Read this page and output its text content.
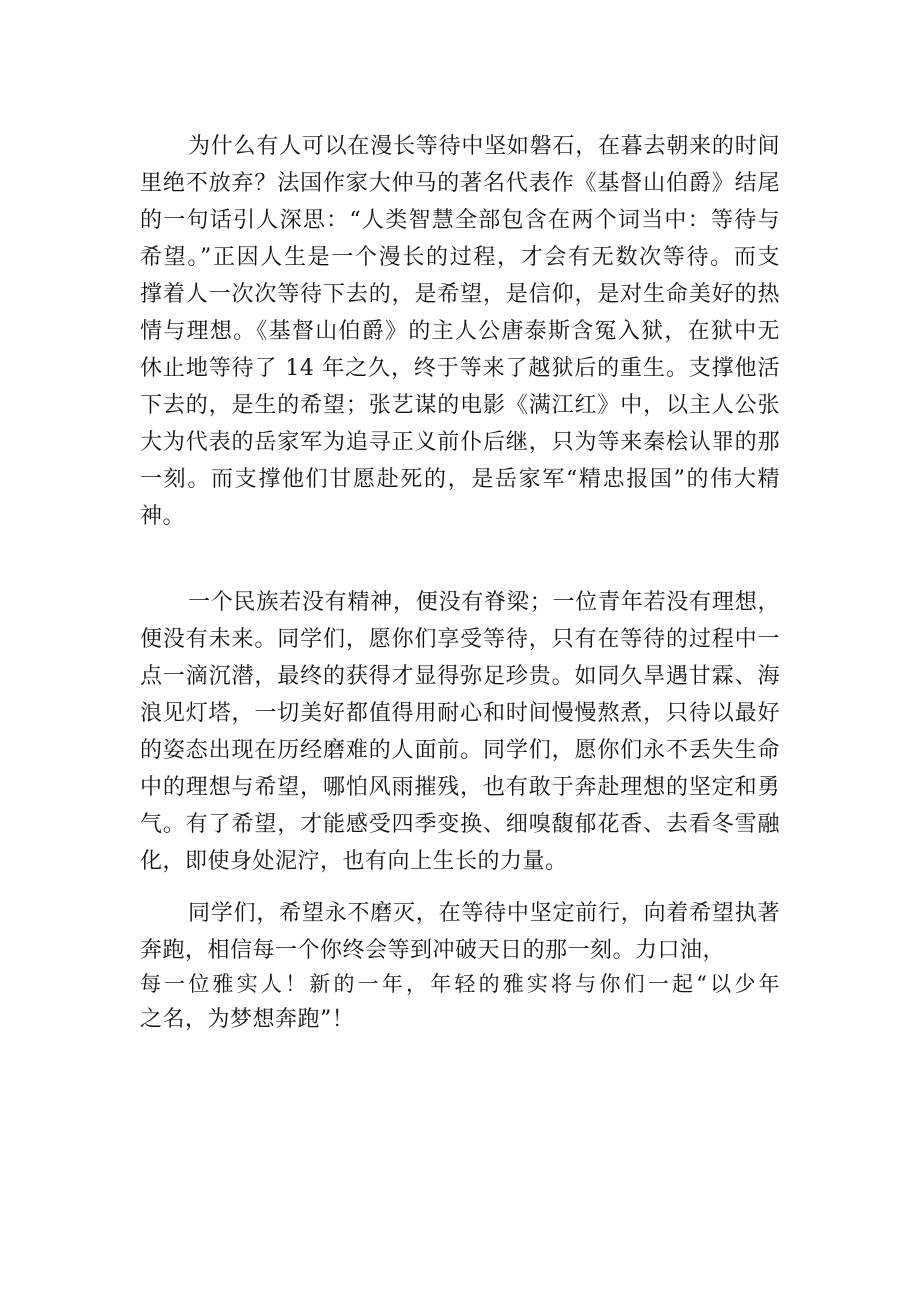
为什么有人可以在漫长等待中坚如磐石，在暮去朝来的时间
里绝不放弃？法国作家大仲马的著名代表作《基督山伯爵》结尾
的一句话引人深思：“人类智慧全部包含在两个词当中：等待与
希望。”正因人生是一个漫长的过程，才会有无数次等待。而支
撑着人一次次等待下去的，是希望，是信仰，是对生命美好的热
情与理想。《基督山伯爵》的主人公唐泰斯含冤入狱，在狱中无
休止地等待了 14 年之久，终于等来了越狱后的重生。支撑他活
下去的，是生的希望；张艺谋的电影《满江红》中，以主人公张
大为代表的岳家军为追寻正义前仆后继，只为等来秦桧认罪的那
一刻。而支撑他们甘愿赴死的，是岳家军“精忠报国”的伟大精
神。
一个民族若没有精神，便没有脊梁；一位青年若没有理想，
便没有未来。同学们，愿你们享受等待，只有在等待的过程中一
点一滴沉潜，最终的获得才显得弥足珍贵。如同久旱遇甘霖、海
浪见灯塔，一切美好都值得用耐心和时间慢慢熬煮，只待以最好
的姿态出现在历经磨难的人面前。同学们，愿你们永不丢失生命
中的理想与希望，哪怕风雨摧残，也有敢于奔赴理想的坚定和勇
气。有了希望，才能感受四季变换、细嗅馥郁花香、去看冬雪融
化，即使身处泥泞，也有向上生长的力量。
同学们，希望永不磨灭，在等待中坚定前行，向着希望执著
奔跑，相信每一个你终会等到冲破天日的那一刻。力口油，
每一位雅实人！新的一年，年轻的雅实将与你们一起“以少年
之名，为梦想奔跑”！
